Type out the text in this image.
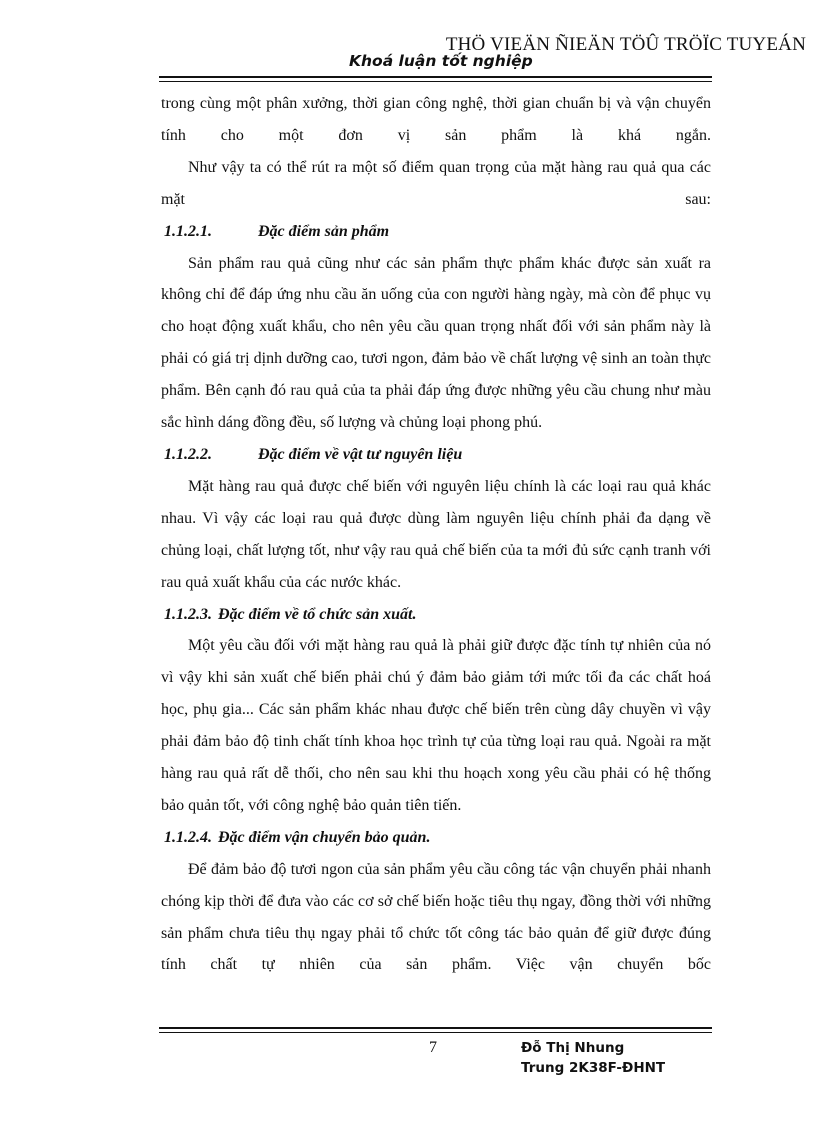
THÖ VIEÄN ÑIEÄN TÖÛ TRÖÏC TUYEÁN
Khoá luận tốt nghiệp

trong cùng một phân xưởng, thời gian công nghệ, thời gian chuẩn bị và vận chuyển tính cho một đơn vị sản phẩm là khá ngắn.

Như vậy ta có thể rút ra một số điểm quan trọng của mặt hàng rau quả qua các mặt sau:

1.1.2.1.	Đặc điểm sản phẩm

Sản phẩm rau quả cũng như các sản phẩm thực phẩm khác được sản xuất ra không chỉ để đáp ứng nhu cầu ăn uống của con người hàng ngày, mà còn để phục vụ cho hoạt động xuất khẩu, cho nên yêu cầu quan trọng nhất đối với sản phẩm này là phải có giá trị dịnh dưỡng cao, tươi ngon, đảm bảo về chất lượng vệ sinh an toàn thực phẩm. Bên cạnh đó rau quả của ta phải đáp ứng được những yêu cầu chung như màu sắc hình dáng đồng đều, số lượng và chủng loại phong phú.

1.1.2.2.	Đặc điểm về vật tư nguyên liệu

Mặt hàng rau quả được chế biến với nguyên liệu chính là các loại rau quả khác nhau. Vì vậy các loại rau quả được dùng làm nguyên liệu chính phải đa dạng về chủng loại, chất lượng tốt, như vậy rau quả chế biến của ta mới đủ sức cạnh tranh với rau quả xuất khẩu của các nước khác.

1.1.2.3. Đặc điểm về tổ chức sản xuất.

Một yêu cầu đối với mặt hàng rau quả là phải giữ được đặc tính tự nhiên của nó vì vậy khi sản xuất chế biến phải chú ý đảm bảo giảm tới mức tối đa các chất hoá học, phụ gia... Các sản phẩm khác nhau được chế biến trên cùng dây chuyền vì vậy phải đảm bảo độ tinh chất tính khoa học trình tự của từng loại rau quả. Ngoài ra mặt hàng rau quả rất dễ thối, cho nên sau khi thu hoạch xong yêu cầu phải có hệ thống bảo quản tốt, với công nghệ bảo quản tiên tiến.

1.1.2.4. Đặc điểm vận chuyển bảo quản.

Để đảm bảo độ tươi ngon của sản phẩm yêu cầu công tác vận chuyển phải nhanh chóng kịp thời để đưa vào các cơ sở chế biến hoặc tiêu thụ ngay, đồng thời với những sản phẩm chưa tiêu thụ ngay phải tổ chức tốt công tác bảo quản để giữ được đúng tính chất tự nhiên của sản phẩm. Việc vận chuyển bốc

7	Đỗ Thị Nhung
Trung 2K38F-ĐHNT
